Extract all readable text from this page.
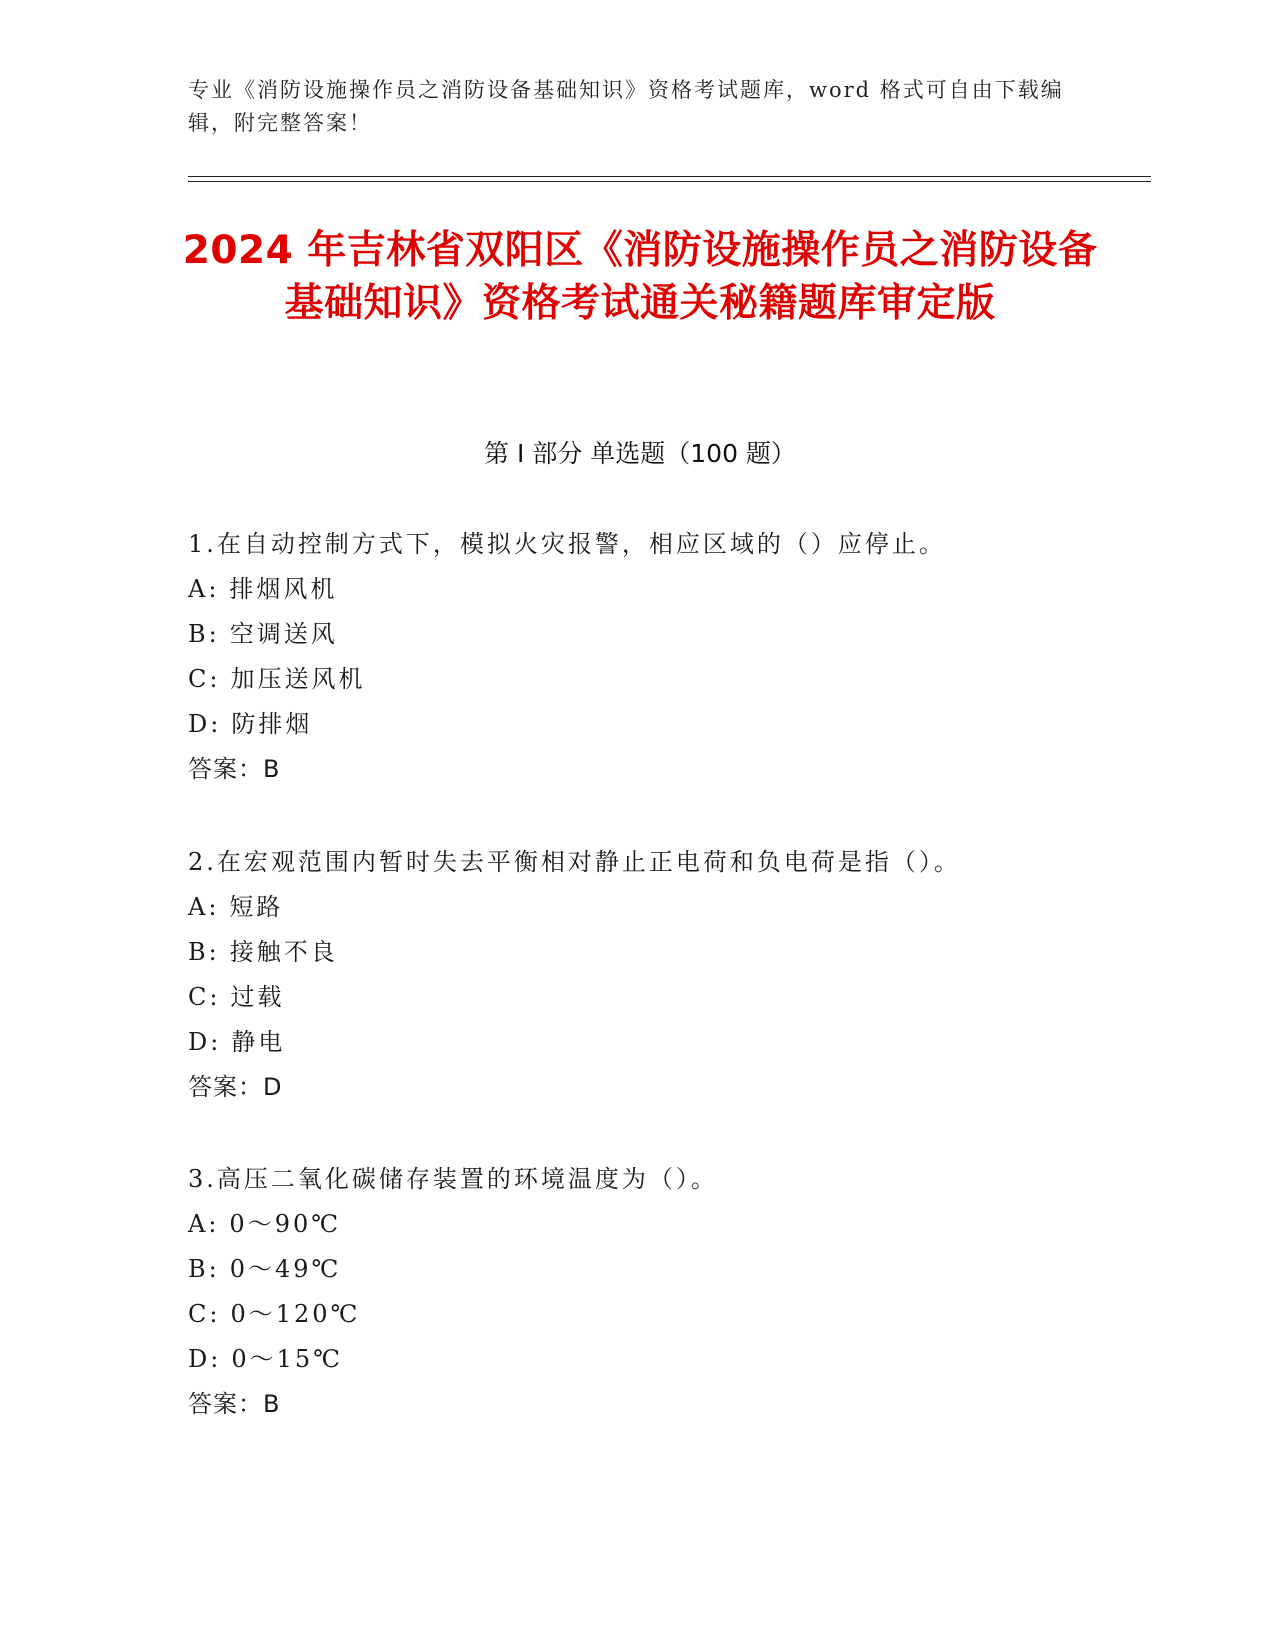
专业《消防设施操作员之消防设备基础知识》资格考试题库，word 格式可自由下载编辑，附完整答案！
2024 年吉林省双阳区《消防设施操作员之消防设备基础知识》资格考试通关秘籍题库审定版
第 I 部分 单选题（100 题）
1.在自动控制方式下，模拟火灾报警，相应区域的（）应停止。
A: 排烟风机
B: 空调送风
C: 加压送风机
D: 防排烟
答案：B
2.在宏观范围内暂时失去平衡相对静止正电荷和负电荷是指（）。
A: 短路
B: 接触不良
C: 过载
D: 静电
答案：D
3.高压二氧化碳储存装置的环境温度为（）。
A: 0～90℃
B: 0～49℃
C: 0～120℃
D: 0～15℃
答案：B
